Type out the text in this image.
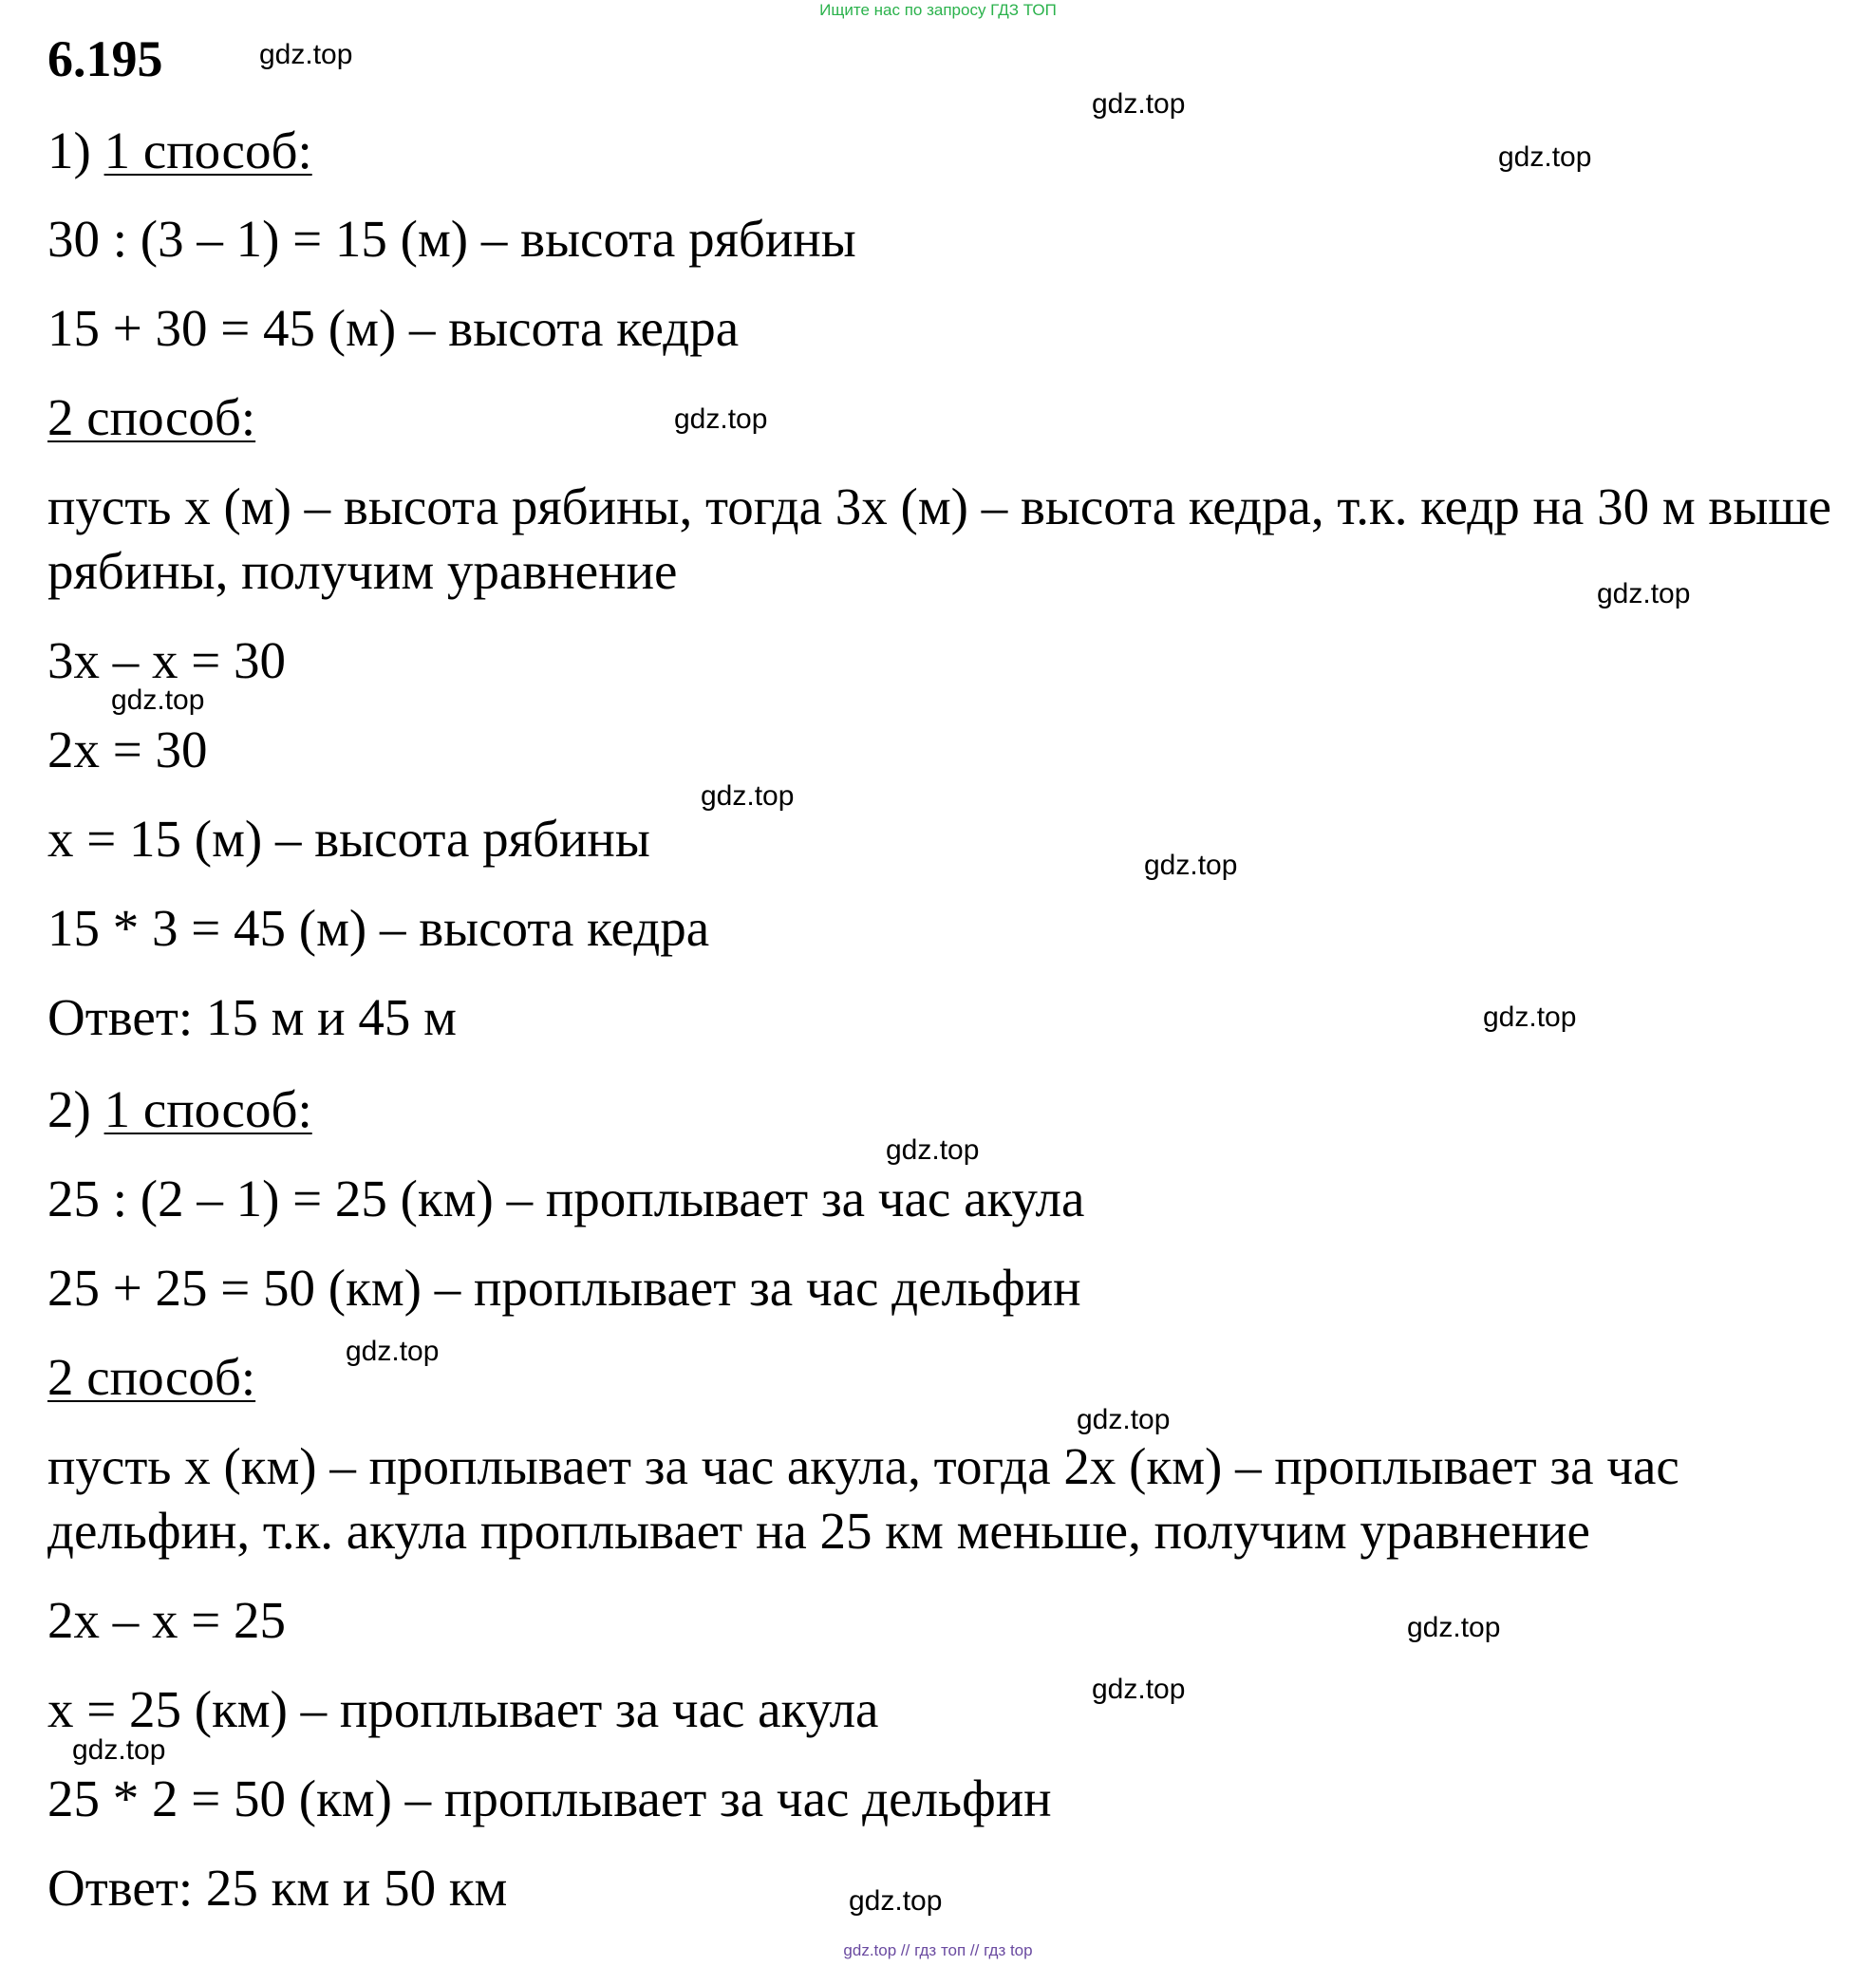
Ищите нас по запросу ГДЗ ТОП
6.195
1) 1 способ:
30 : (3 – 1) = 15 (м) – высота рябины
15 + 30 = 45 (м) – высота кедра
2 способ:
пусть х (м) – высота рябины, тогда 3х (м) – высота кедра, т.к. кедр на 30 м выше рябины, получим уравнение
3х – х = 30
2х = 30
х = 15 (м) – высота рябины
15 * 3 = 45 (м) – высота кедра
Ответ: 15 м и 45 м
2) 1 способ:
25 : (2 – 1) = 25 (км) – проплывает за час акула
25 + 25 = 50 (км) – проплывает за час дельфин
2 способ:
пусть х (км) – проплывает за час акула, тогда 2х (км) – проплывает за час дельфин, т.к. акула проплывает на 25 км меньше, получим уравнение
2х – х = 25
х = 25 (км) – проплывает за час акула
25 * 2 = 50 (км) – проплывает за час дельфин
Ответ: 25 км и 50 км
gdz.top
gdz.top
gdz.top
gdz.top
gdz.top
gdz.top
gdz.top
gdz.top
gdz.top
gdz.top
gdz.top
gdz.top
gdz.top
gdz.top
gdz.top
gdz.top
gdz.top // гдз топ // гдз top
